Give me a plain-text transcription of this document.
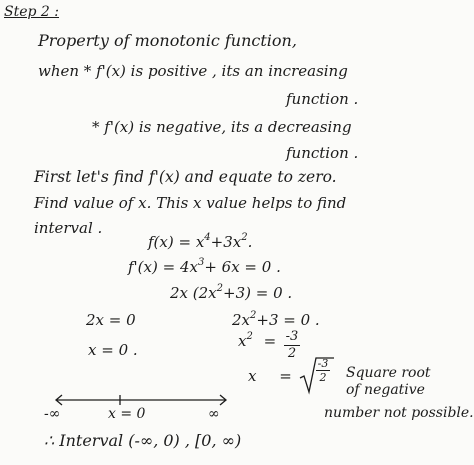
Step 2 :
Property of monotonic function,
when * f'(x) is positive , its an increasing
function .
* f'(x) is negative, its a decreasing
function .
First let's find f'(x) and equate to zero.
Find value of x. This x value helps to find
interval .
$f(x) = x^4+3x^2$.
$f'(x) = 4x^3+ 6x = 0$ .
2x $(2x^2+3) = 0$ .
2x = 0
x = 0 .
$2x^2+3 = 0$ .
$x^2 = -3$
2
x =
-3
2 Square root
of negative
number not possible.
-∞	x = 0	∞
∴ Interval (-∞, 0) , [0, ∞)
